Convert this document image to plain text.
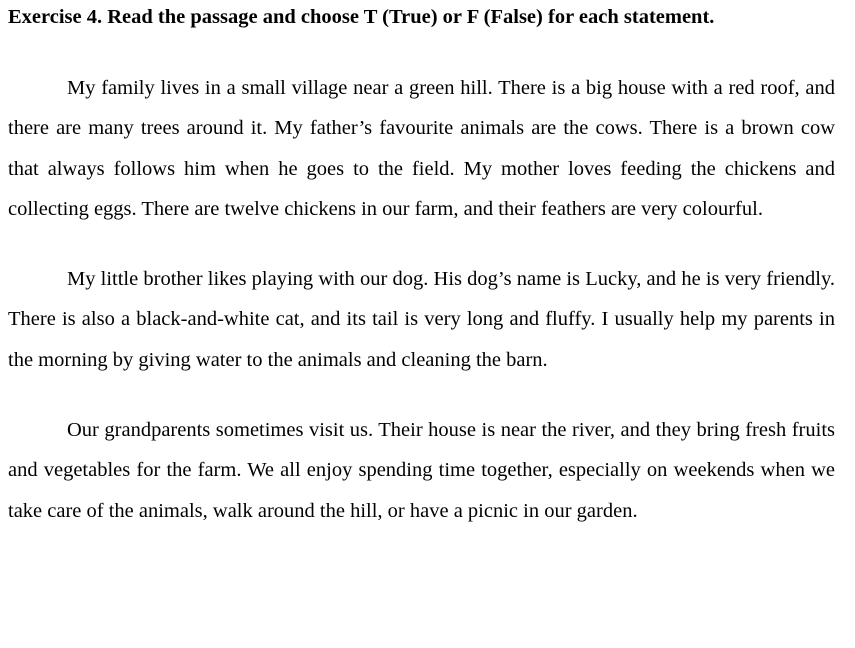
Exercise 4. Read the passage and choose T (True) or F (False) for each statement.

My family lives in a small village near a green hill. There is a big house with a red roof, and there are many trees around it. My father’s favourite animals are the cows. There is a brown cow that always follows him when he goes to the field. My mother loves feeding the chickens and collecting eggs. There are twelve chickens in our farm, and their feathers are very colourful.

My little brother likes playing with our dog. His dog’s name is Lucky, and he is very friendly. There is also a black-and-white cat, and its tail is very long and fluffy. I usually help my parents in the morning by giving water to the animals and cleaning the barn.

Our grandparents sometimes visit us. Their house is near the river, and they bring fresh fruits and vegetables for the farm. We all enjoy spending time together, especially on weekends when we take care of the animals, walk around the hill, or have a picnic in our garden.
